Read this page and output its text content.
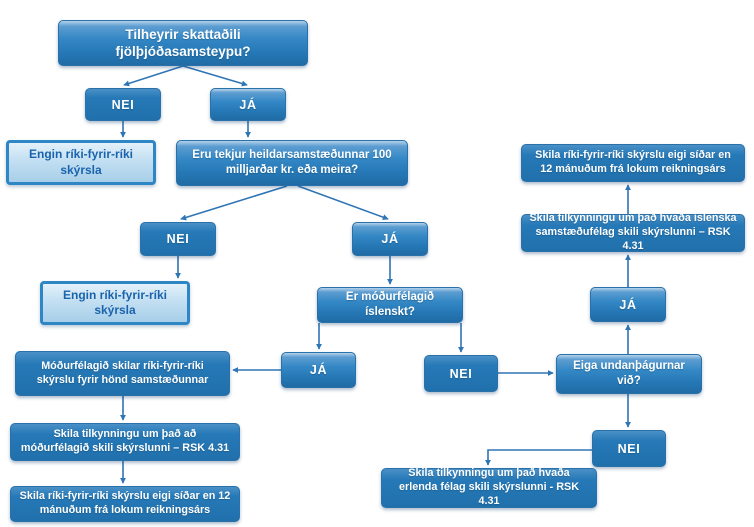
Tilheyrir skattaðili fjölþjóðasamsteypu?
NEI	JÁ
Engin ríki-fyrir-ríki skýrsla
Eru tekjur heildarsamstæðunnar 100 milljarðar kr. eða meira?
NEI	JÁ
Engin ríki-fyrir-ríki skýrsla
Er móðurfélagið íslenskt?
JÁ	NEI
Móðurfélagið skilar ríki-fyrir-ríki skýrslu fyrir hönd samstæðunnar
Skila tilkynningu um það að móðurfélagið skili skýrslunni – RSK 4.31
Skila ríki-fyrir-ríki skýrslu eigi síðar en 12 mánuðum frá lokum reikningsárs
Eiga undanþágurnar við?
JÁ
NEI
Skila tilkynningu um það hvaða íslenska samstæðufélag skili skýrslunni – RSK 4.31
Skila ríki-fyrir-ríki skýrslu eigi síðar en 12 mánuðum frá lokum reikningsárs
Skila tilkynningu um það hvaða erlenda félag skili skýrslunni - RSK 4.31
